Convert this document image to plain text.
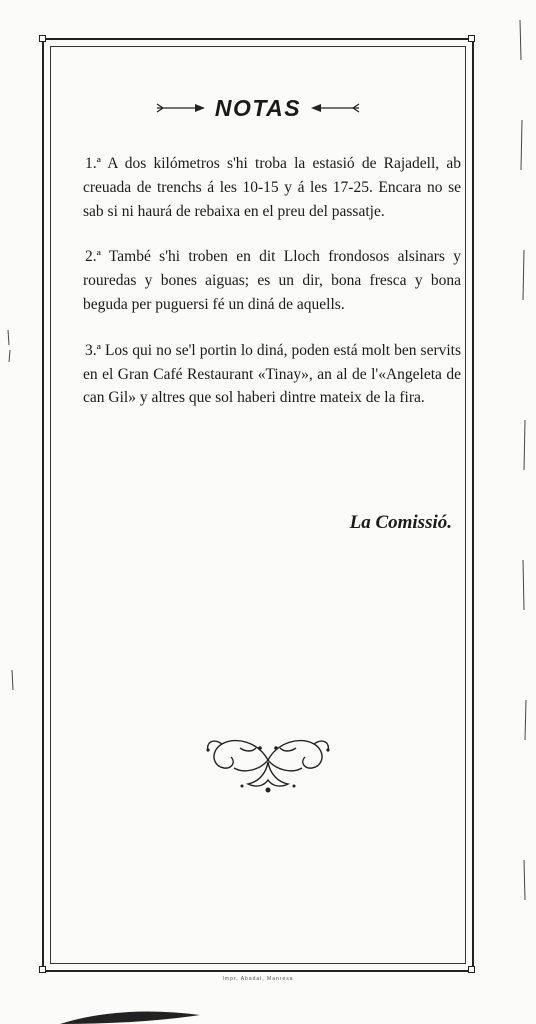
NOTAS

1.ª A dos kilómetros s'hi troba la estasió de Rajadell, ab creuada de trenchs á les 10-15 y á les 17-25. Encara no se sab si ni haurá de rebaixa en el preu del passatje.

2.ª També s'hi troben en dit Lloch frondosos alsinars y rouredas y bones aiguas; es un dir, bona fresca y bona beguda per puguersi fé un diná de aquells.

3.ª Los qui no se'l portin lo diná, poden está molt ben servits en el Gran Café Restaurant «Tinay», an al de l'«Angeleta de can Gil» y altres que sol haberi dintre mateix de la fira.

La Comissió.
Impr. Abadal, Manresa
